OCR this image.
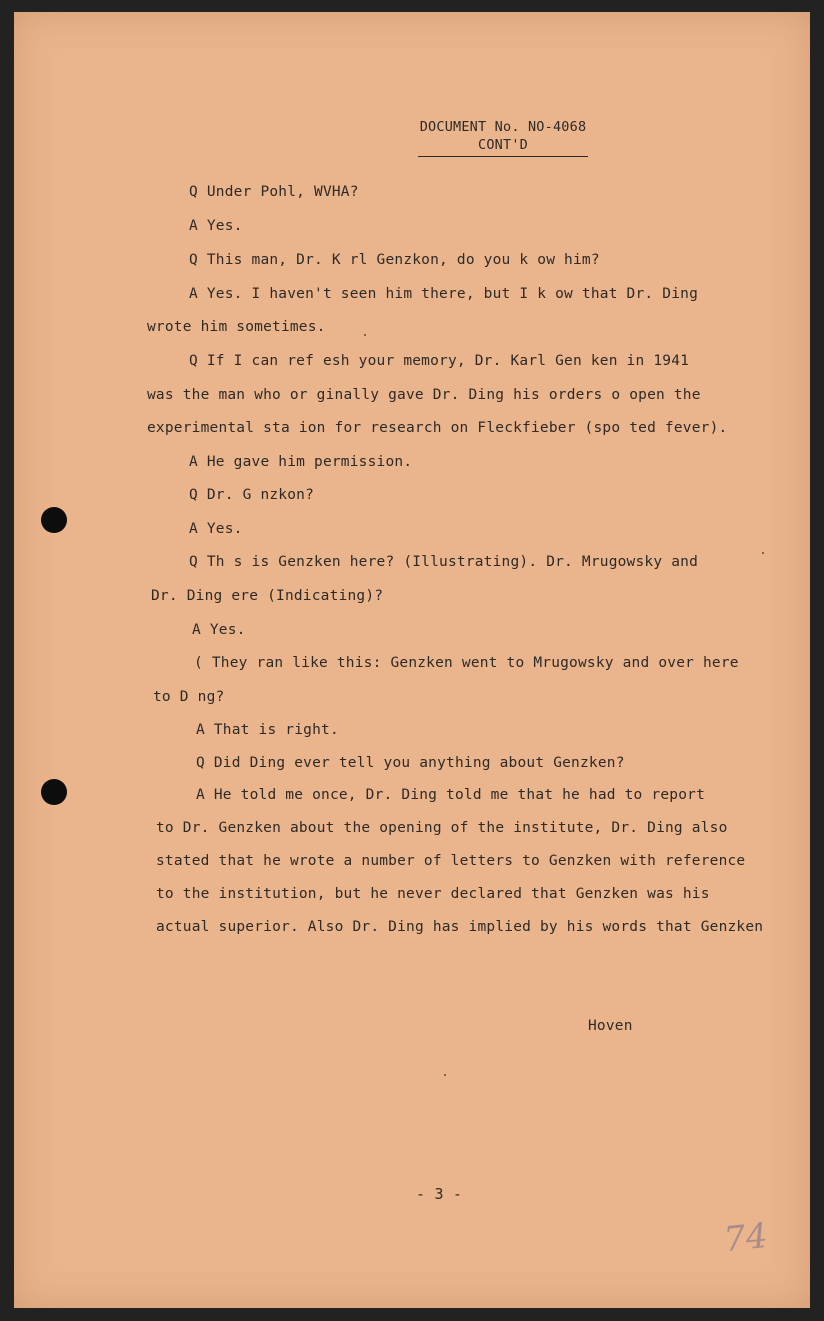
DOCUMENT No. NO-4068
CONT'D
Q Under Pohl, WVHA?
A Yes.
Q This man, Dr. K rl Genzkon, do you k ow him?
A Yes. I haven't seen him there, but I k ow that Dr. Ding
wrote him sometimes.
Q If I can ref esh your memory, Dr. Karl Gen ken in 1941
was the man who or ginally gave Dr. Ding his orders o open the
experimental sta ion for research on Fleckfieber (spo ted fever).
A He gave him permission.
Q Dr. G nzkon?
A Yes.
Q Th s is Genzken here? (Illustrating). Dr. Mrugowsky and
Dr. Ding ere (Indicating)?
A Yes.
( They ran like this: Genzken went to Mrugowsky and over here
to D ng?
A That is right.
Q Did Ding ever tell you anything about Genzken?
A He told me once, Dr. Ding told me that he had to report
to Dr. Genzken about the opening of the institute, Dr. Ding also
stated that he wrote a number of letters to Genzken with reference
to the institution, but he never declared that Genzken was his
actual superior. Also Dr. Ding has implied by his words that Genzken
Hoven
- 3 -
74
